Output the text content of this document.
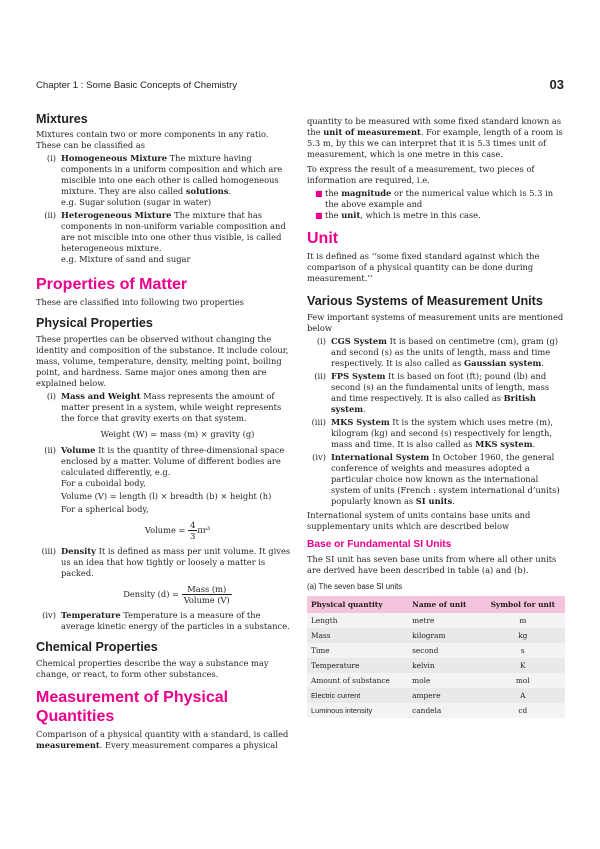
Chapter 1 : Some Basic Concepts of Chemistry	03
Mixtures

Mixtures contain two or more components in any ratio. These can be classified as

(i) Homogeneous Mixture The mixture having components in a uniform composition and which are miscible into one each other is called homogeneous mixture. They are also called solutions.

e.g. Sugar solution (sugar in water)

(ii) Heterogeneous Mixture The mixture that has components in non-uniform variable composition and are not miscible into one other thus visible, is called heterogeneous mixture.

e.g. Mixture of sand and sugar

Properties of Matter

These are classified into following two properties

Physical Properties

These properties can be observed without changing the identity and composition of the substance. It include colour, mass, volume, temperature, density, melting point, boiling point, and hardness. Same major ones among then are explained below.

(i) Mass and Weight Mass represents the amount of matter present in a system, while weight represents the force that gravity exerts on that system.

Weight (W) = mass (m) × gravity (g)

(ii) Volume It is the quantity of three-dimensional space enclosed by a matter. Volume of different bodies are calculated differently, e.g.

For a cuboidal body,

Volume (V) = length (l) × breadth (b) × height (h)

For a spherical body,

Volume = $\frac{4}{3} \pi r^3$

(iii) Density It is defined as mass per unit volume. It gives us an idea that how tightly or loosely a matter is packed.

Density (d) = Mass (m)
Volume (V)

(iv) Temperature Temperature is a measure of the average kinetic energy of the particles in a substance.

Chemical Properties

Chemical properties describe the way a substance may change, or react, to form other substances.

Measurement of Physical Quantities

Comparison of a physical quantity with a standard, is called measurement. Every measurement compares a physical

quantity to be measured with some fixed standard known as the unit of measurement. For example, length of a room is 5.3 m, by this we can interpret that it is 5.3 times unit of measurement, which is one metre in this case.

To express the result of a measurement, two pieces of information are required, i.e.

■ the magnitude or the numerical value which is 5.3 in the above example and

■ the unit, which is metre in this case.

Unit

It is defined as ‘‘some fixed standard against which the comparison of a physical quantity can be done during measurement.’’

Various Systems of Measurement Units

Few important systems of measurement units are mentioned below

(i) CGS System It is based on centimetre (cm), gram (g) and second (s) as the units of length, mass and time respectively. It is also called as Gaussian system.

(ii) FPS System It is based on foot (ft); pound (lb) and second (s) an the fundamental units of length, mass and time respectively. It is also called as British system.

(iii) MKS System It is the system which uses metre (m), kilogram (kg) and second (s) respectively for length, mass and time. It is also called as MKS system.

(iv) International System In October 1960, the general conference of weights and measures adopted a particular choice now known as the international system of units (French : system international d’units) popularly known as SI units.

International system of units contains base units and supplementary units which are described below

Base or Fundamental SI Units

The SI unit has seven base units from where all other units are derived have been described in table (a) and (b).

(a) The seven base SI units
Physical quantity	Name of unit	Symbol for unit
Length	metre	m
Mass	kilogram	kg
Time	second	s
Temperature	kelvin	K
Amount of substance	mole	mol
Electric current	ampere	A
Luminous intensity	candela	cd
